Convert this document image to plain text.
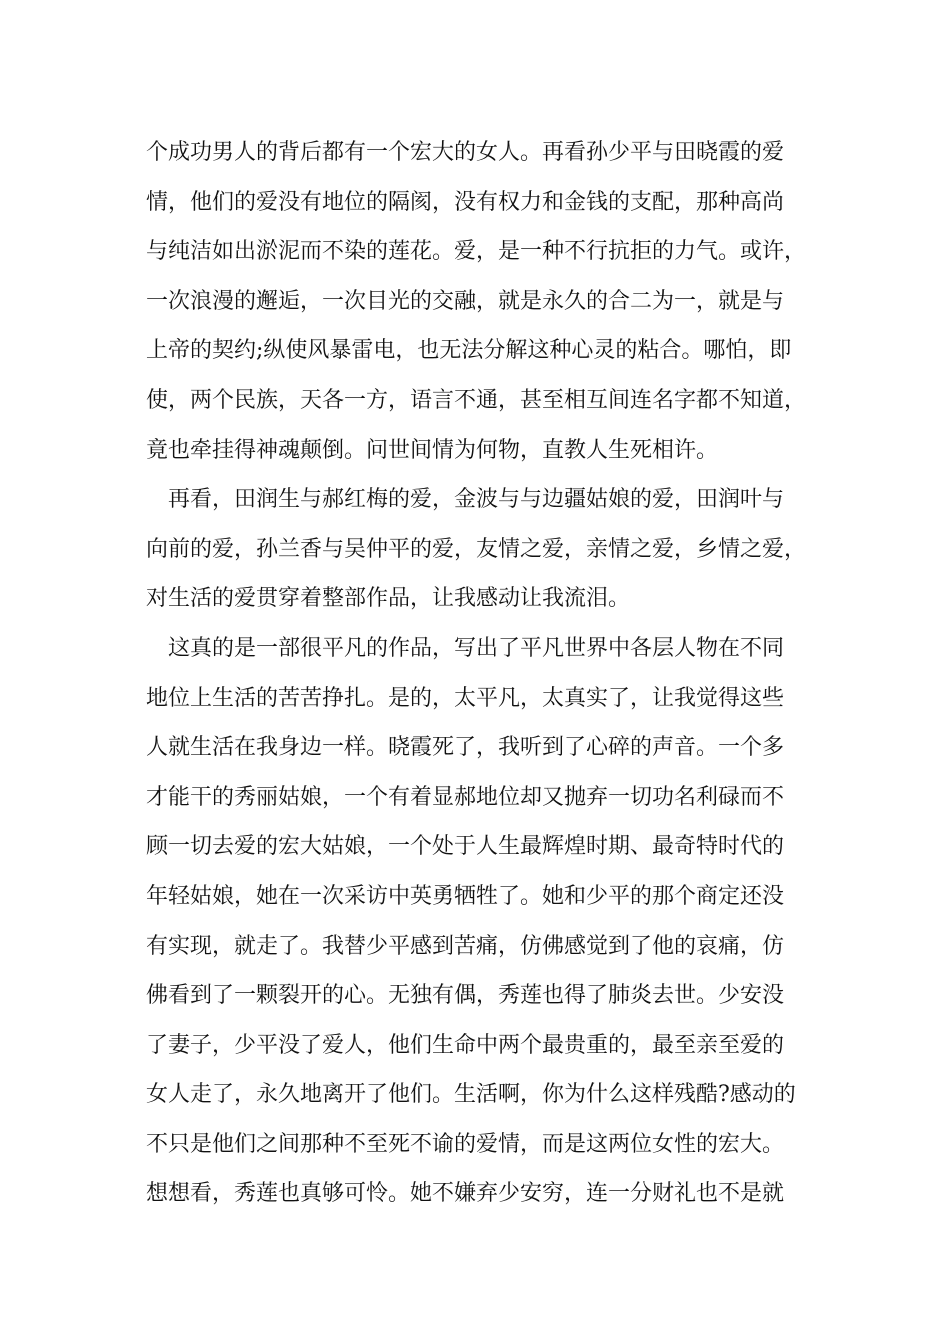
个成功男人的背后都有一个宏大的女人。再看孙少平与田晓霞的爱
情，他们的爱没有地位的隔阂，没有权力和金钱的支配，那种高尚
与纯洁如出淤泥而不染的莲花。爱，是一种不行抗拒的力气。或许，
一次浪漫的邂逅，一次目光的交融，就是永久的合二为一，就是与
上帝的契约;纵使风暴雷电，也无法分解这种心灵的粘合。哪怕，即
使，两个民族，天各一方，语言不通，甚至相互间连名字都不知道，
竟也牵挂得神魂颠倒。问世间情为何物，直教人生死相许。
再看，田润生与郝红梅的爱，金波与与边疆姑娘的爱，田润叶与
向前的爱，孙兰香与吴仲平的爱，友情之爱，亲情之爱，乡情之爱，
对生活的爱贯穿着整部作品，让我感动让我流泪。
这真的是一部很平凡的作品，写出了平凡世界中各层人物在不同
地位上生活的苦苦挣扎。是的，太平凡，太真实了，让我觉得这些
人就生活在我身边一样。晓霞死了，我听到了心碎的声音。一个多
才能干的秀丽姑娘，一个有着显郝地位却又抛弃一切功名利碌而不
顾一切去爱的宏大姑娘，一个处于人生最辉煌时期、最奇特时代的
年轻姑娘，她在一次采访中英勇牺牲了。她和少平的那个商定还没
有实现，就走了。我替少平感到苦痛，仿佛感觉到了他的哀痛，仿
佛看到了一颗裂开的心。无独有偶，秀莲也得了肺炎去世。少安没
了妻子，少平没了爱人，他们生命中两个最贵重的，最至亲至爱的
女人走了，永久地离开了他们。生活啊，你为什么这样残酷?感动的
不只是他们之间那种不至死不谕的爱情，而是这两位女性的宏大。
想想看，秀莲也真够可怜。她不嫌弃少安穷，连一分财礼也不是就
